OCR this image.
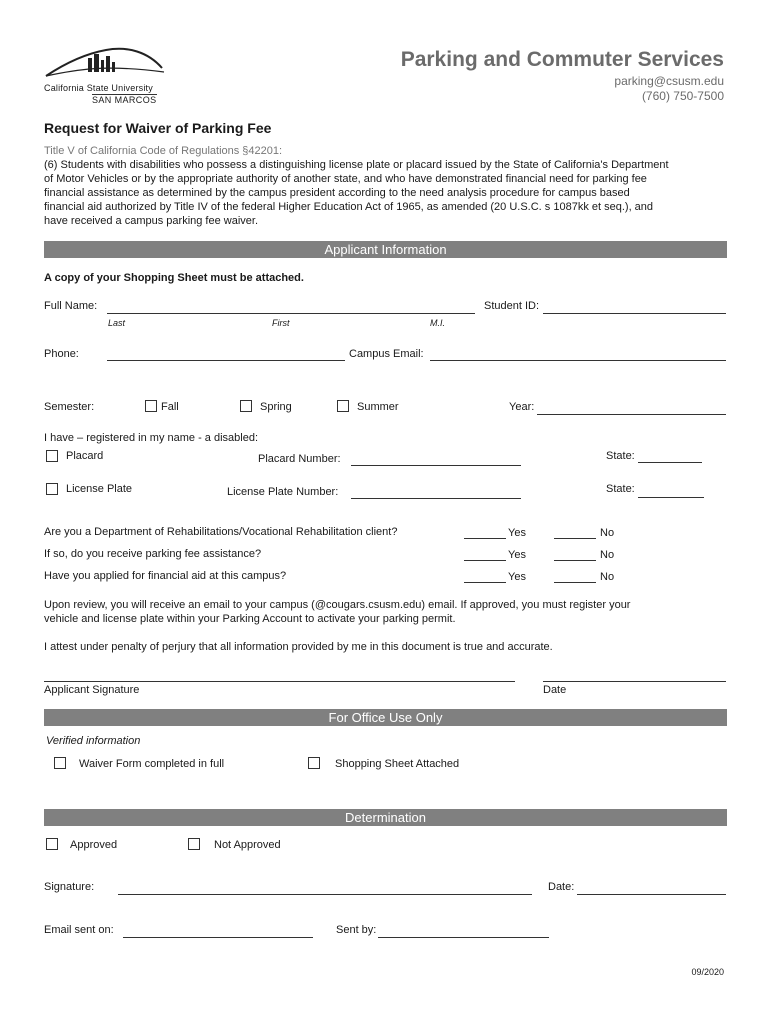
California State University
SAN MARCOS
Parking and Commuter Services
parking@csusm.edu
(760) 750-7500
Request for Waiver of Parking Fee
Title V of California Code of Regulations §42201:
(6) Students with disabilities who possess a distinguishing license plate or placard issued by the State of California's Department
of Motor Vehicles or by the appropriate authority of another state, and who have demonstrated financial need for parking fee
financial assistance as determined by the campus president according to the need analysis procedure for campus based
financial aid authorized by Title IV of the federal Higher Education Act of 1965, as amended (20 U.S.C. s 1087kk et seq.), and
have received a campus parking fee waiver.
Applicant Information
A copy of your Shopping Sheet must be attached.
Full Name:
Last	First	M.I.
Student ID:
Phone:	Campus Email:
Semester:	Fall	Spring	Summer	Year:
I have – registered in my name - a disabled:
Placard	Placard Number:	State:
License Plate	License Plate Number:	State:
Are you a Department of Rehabilitations/Vocational Rehabilitation client?	Yes	No
If so, do you receive parking fee assistance?	Yes	No
Have you applied for financial aid at this campus?	Yes	No
Upon review, you will receive an email to your campus (@cougars.csusm.edu) email. If approved, you must register your
vehicle and license plate within your Parking Account to activate your parking permit.
I attest under penalty of perjury that all information provided by me in this document is true and accurate.
Applicant Signature	Date
For Office Use Only
Verified information
Waiver Form completed in full	Shopping Sheet Attached
Determination
Approved	Not Approved
Signature:	Date:
Email sent on:	Sent by:
09/2020
